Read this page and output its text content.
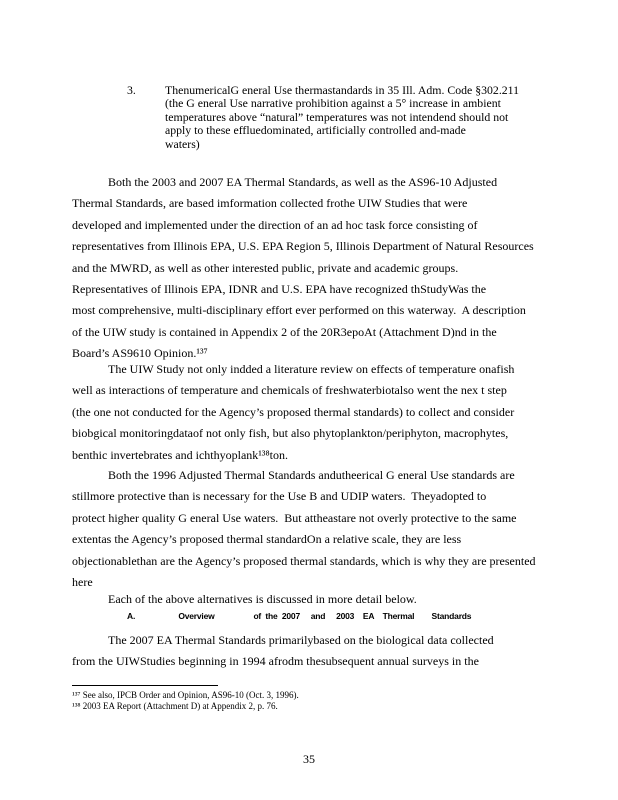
3.	ThenumericalG eneral Use thermastandards in 35 Ill. Adm. Code §302.211
(the G eneral Use narrative prohibition against a 5° increase in ambient
temperatures above “natural” temperatures was not intendend should not
apply to these effluedominated, artificially controlled and-made
waters)
Both the 2003 and 2007 EA Thermal Standards, as well as the AS96-10 Adjusted
Thermal Standards, are based imformation collected frothe UIW Studies that were
developed and implemented under the direction of an ad hoc task force consisting of
representatives from Illinois EPA, U.S. EPA Region 5, Illinois Department of Natural Resources
and the MWRD, as well as other interested public, private and academic groups.
Representatives of Illinois EPA, IDNR and U.S. EPA have recognized thStudyWas the
most comprehensive, multi-disciplinary effort ever performed on this waterway.  A description
of the UIW study is contained in Appendix 2 of the 20R3epoAt (Attachment D)nd in the
Board’s AS9610 Opinion.¹³⁷
The UIW Study not only indded a literature review on effects of temperature onafish
well as interactions of temperature and chemicals of freshwaterbiotalso went the nex t step
(the one not conducted for the Agency’s proposed thermal standards) to collect and consider
biobgical monitoringdataof not only fish, but also phytoplankton/periphyton, macrophytes,
benthic invertebrates and ichthyoplank¹³⁸ton.
Both the 1996 Adjusted Thermal Standards andutheerical G eneral Use standards are
stillmore protective than is necessary for the Use B and UDIP waters.  Theyadopted to
protect higher quality G eneral Use waters.  But attheastare not overly protective to the same
extentas the Agency’s proposed thermal standardOn a relative scale, they are less
objectionablethan are the Agency’s proposed thermal standards, which is why they are presented
here
Each of the above alternatives is discussed in more detail below.
A.                    Overview                  of  the  2007     and     2003    EA    Thermal        Standards
The 2007 EA Thermal Standards primarilybased on the biological data collected
from the UIWStudies beginning in 1994 afrodm thesubsequent annual surveys in the
¹³⁷ See also, IPCB Order and Opinion, AS96-10 (Oct. 3, 1996).
¹³⁸ 2003 EA Report (Attachment D) at Appendix 2, p. 76.
35
